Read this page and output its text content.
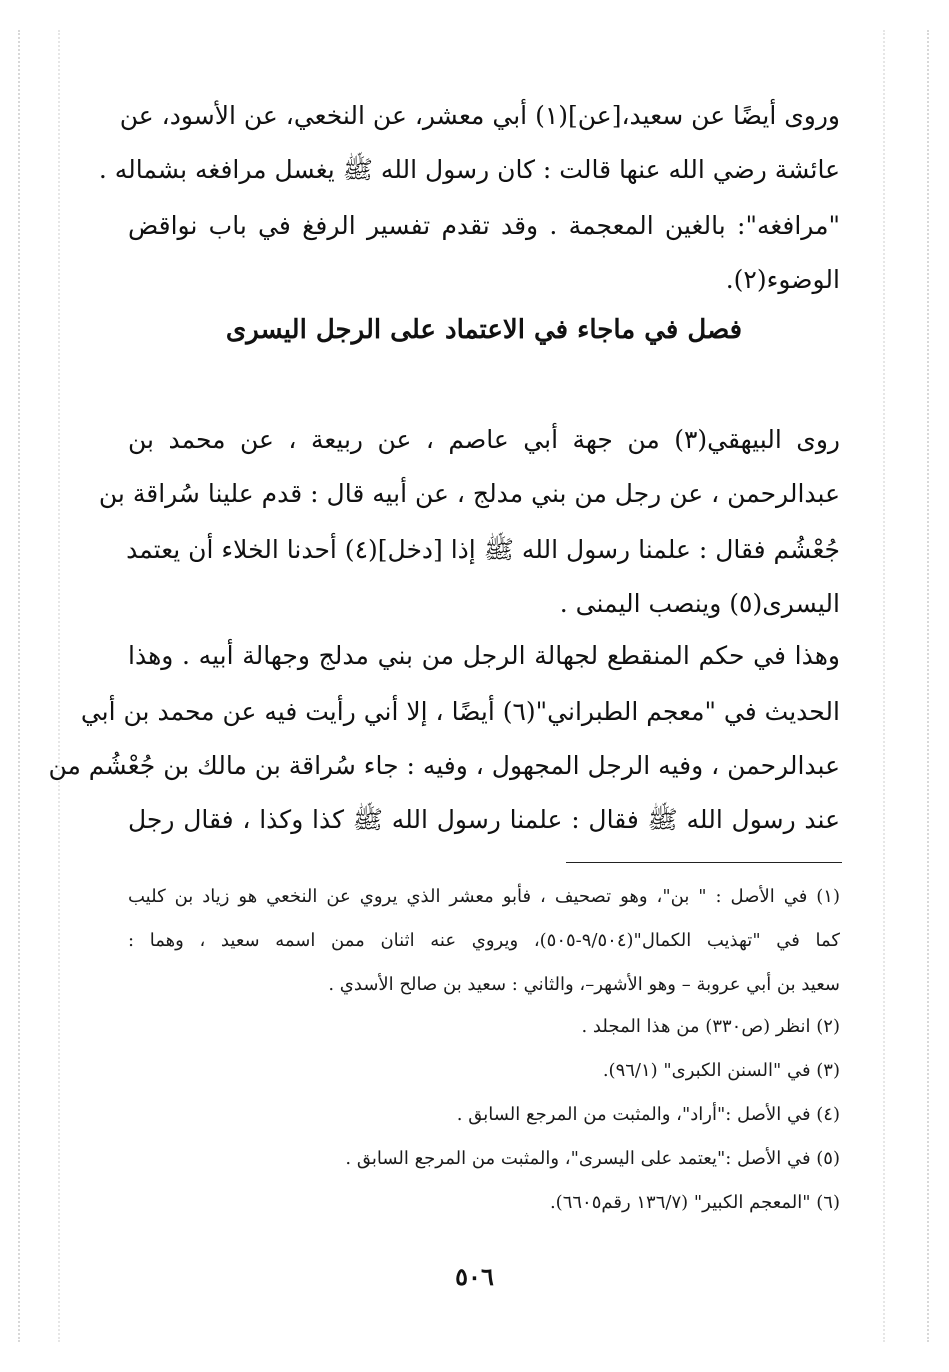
وروى أيضًا عن سعيد،[عن](١) أبي معشر، عن النخعي، عن الأسود، عن
عائشة رضي الله عنها قالت : كان رسول الله ﷺ يغسل مرافغه بشماله .
"مرافغه": بالغين المعجمة . وقد تقدم تفسير الرفغ في باب نواقض
الوضوء(٢).
فصل في ماجاء في الاعتماد على الرجل اليسرى
روى البيهقي(٣) من جهة أبي عاصم ، عن ربيعة ، عن محمد بن
عبدالرحمن ، عن رجل من بني مدلج ، عن أبيه قال : قدم علينا سُراقة بن
جُعْشُم فقال : علمنا رسول الله ﷺ إذا [دخل](٤) أحدنا الخلاء أن يعتمد
اليسرى(٥) وينصب اليمنى .
وهذا في حكم المنقطع لجهالة الرجل من بني مدلج وجهالة أبيه . وهذا
الحديث في "معجم الطبراني"(٦) أيضًا ، إلا أني رأيت فيه عن محمد بن أبي
عبدالرحمن ، وفيه الرجل المجهول ، وفيه : جاء سُراقة بن مالك بن جُعْشُم من
عند رسول الله ﷺ فقال : علمنا رسول الله ﷺ كذا وكذا ، فقال رجل
(١) في الأصل : " بن"، وهو تصحيف ، فأبو معشر الذي يروي عن النخعي هو زياد بن كليب
كما في "تهذيب الكمال"(٩/٥٠٤-٥٠٥)، ويروي عنه اثنان ممن اسمه سعيد ، وهما :
سعيد بن أبي عروبة – وهو الأشهر–، والثاني : سعيد بن صالح الأسدي .
(٢) انظر (ص٣٣٠) من هذا المجلد .
(٣) في "السنن الكبرى" (٩٦/١).
(٤) في الأصل :"أراد"، والمثبت من المرجع السابق .
(٥) في الأصل :"يعتمد على اليسرى"، والمثبت من المرجع السابق .
(٦) "المعجم الكبير" (١٣٦/٧ رقم٦٦٠٥).
٥٠٦
